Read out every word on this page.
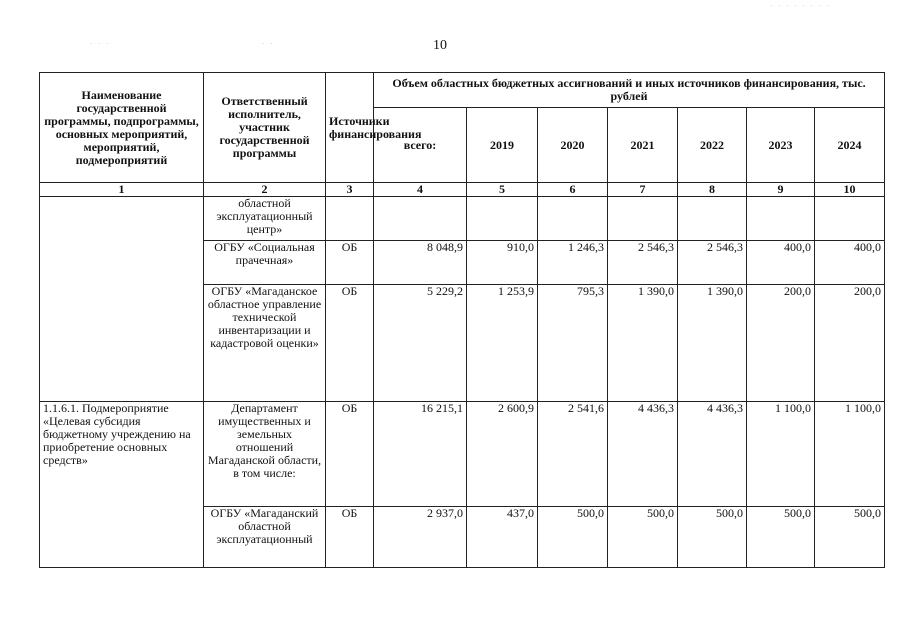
· · ·	· ·
· · · · · · · ·
10
Наименование государственной программы, подпрограммы, основных мероприятий, мероприятий, подмероприятий	Ответственный исполнитель, участник государственной программы	Источники финансирования	Объем областных бюджетных ассигнований и иных источников финансирования, тыс. рублей						
			всего:	2019	2020	2021	2022	2023	2024
1	2	3	4	5	6	7	8	9	10
	областной эксплуатационный центр»								
	ОГБУ «Социальная прачечная»	ОБ	8 048,9	910,0	1 246,3	2 546,3	2 546,3	400,0	400,0
	ОГБУ «Магаданское областное управление технической инвентаризации и кадастровой оценки»	ОБ	5 229,2	1 253,9	795,3	1 390,0	1 390,0	200,0	200,0
1.1.6.1. Подмероприятие «Целевая субсидия бюджетному учреждению на приобретение основных средств»	Департамент имущественных и земельных отношений Магаданской области, в том числе:	ОБ	16 215,1	2 600,9	2 541,6	4 436,3	4 436,3	1 100,0	1 100,0
	ОГБУ «Магаданский областной эксплуатационный	ОБ	2 937,0	437,0	500,0	500,0	500,0	500,0	500,0
